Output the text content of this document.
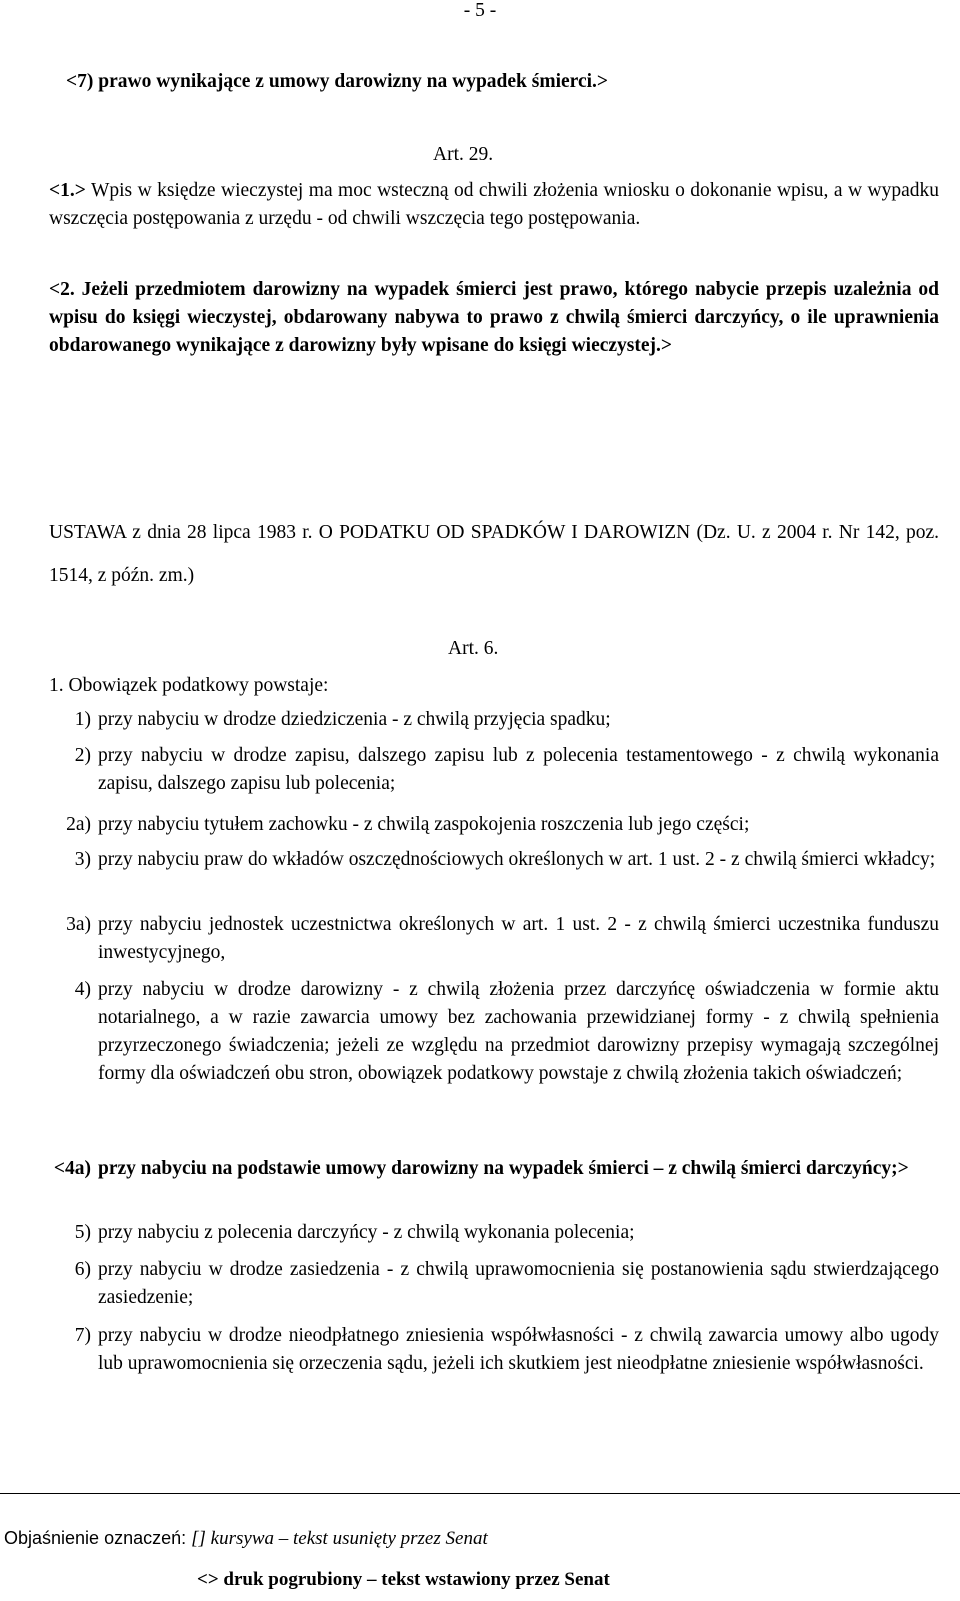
- 5 -
<7) prawo wynikające z umowy darowizny na wypadek śmierci.>
Art. 29.
<1.> Wpis w księdze wieczystej ma moc wsteczną od chwili złożenia wniosku o dokonanie wpisu, a w wypadku wszczęcia postępowania z urzędu - od chwili wszczęcia tego postępowania.
<2. Jeżeli przedmiotem darowizny na wypadek śmierci jest prawo, którego nabycie przepis uzależnia od wpisu do księgi wieczystej, obdarowany nabywa to prawo z chwilą śmierci darczyńcy, o ile uprawnienia obdarowanego wynikające z darowizny były wpisane do księgi wieczystej.>
USTAWA z dnia 28 lipca 1983 r. O PODATKU OD SPADKÓW I DAROWIZN (Dz. U. z 2004 r. Nr 142, poz. 1514, z późn. zm.)
Art. 6.
1. Obowiązek podatkowy powstaje:
1) przy nabyciu w drodze dziedziczenia - z chwilą przyjęcia spadku;
2) przy nabyciu w drodze zapisu, dalszego zapisu lub z polecenia testamentowego - z chwilą wykonania zapisu, dalszego zapisu lub polecenia;
2a) przy nabyciu tytułem zachowku - z chwilą zaspokojenia roszczenia lub jego części;
3) przy nabyciu praw do wkładów oszczędnościowych określonych w art. 1 ust. 2 - z chwilą śmierci wkładcy;
3a) przy nabyciu jednostek uczestnictwa określonych w art. 1 ust. 2 - z chwilą śmierci uczestnika funduszu inwestycyjnego,
4) przy nabyciu w drodze darowizny - z chwilą złożenia przez darczyńcę oświadczenia w formie aktu notarialnego, a w razie zawarcia umowy bez zachowania przewidzianej formy - z chwilą spełnienia przyrzeczonego świadczenia; jeżeli ze względu na przedmiot darowizny przepisy wymagają szczególnej formy dla oświadczeń obu stron, obowiązek podatkowy powstaje z chwilą złożenia takich oświadczeń;
<4a) przy nabyciu na podstawie umowy darowizny na wypadek śmierci – z chwilą śmierci darczyńcy;>
5) przy nabyciu z polecenia darczyńcy - z chwilą wykonania polecenia;
6) przy nabyciu w drodze zasiedzenia - z chwilą uprawomocnienia się postanowienia sądu stwierdzającego zasiedzenie;
7) przy nabyciu w drodze nieodpłatnego zniesienia współwłasności - z chwilą zawarcia umowy albo ugody lub uprawomocnienia się orzeczenia sądu, jeżeli ich skutkiem jest nieodpłatne zniesienie współwłasności.
Objaśnienie oznaczeń: [] kursywa – tekst usunięty przez Senat
<> druk pogrubiony – tekst wstawiony przez Senat
